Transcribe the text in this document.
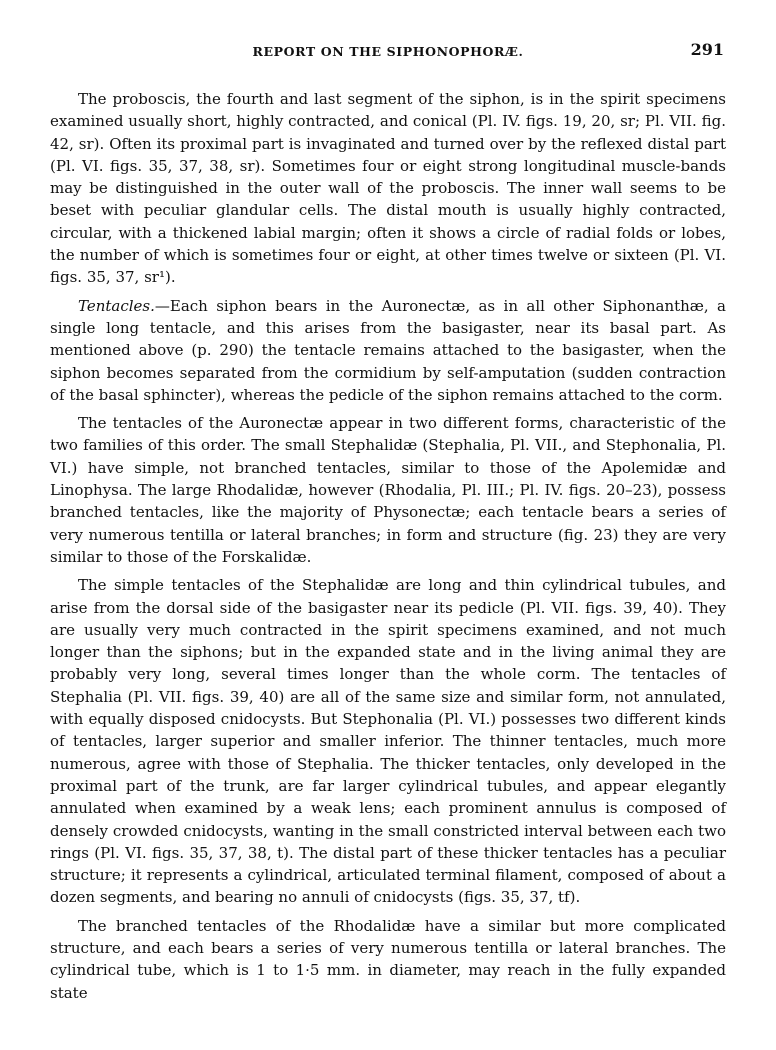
REPORT ON THE SIPHONOPHORÆ.	291

The proboscis, the fourth and last segment of the siphon, is in the spirit specimens examined usually short, highly contracted, and conical (Pl. IV. figs. 19, 20, sr; Pl. VII. fig. 42, sr). Often its proximal part is invaginated and turned over by the reflexed distal part (Pl. VI. figs. 35, 37, 38, sr). Sometimes four or eight strong longitudinal muscle-bands may be distinguished in the outer wall of the proboscis. The inner wall seems to be beset with peculiar glandular cells. The distal mouth is usually highly contracted, circular, with a thickened labial margin; often it shows a circle of radial folds or lobes, the number of which is sometimes four or eight, at other times twelve or sixteen (Pl. VI. figs. 35, 37, sr¹).

Tentacles.—Each siphon bears in the Auronectæ, as in all other Siphonanthæ, a single long tentacle, and this arises from the basigaster, near its basal part. As mentioned above (p. 290) the tentacle remains attached to the basigaster, when the siphon becomes separated from the cormidium by self-amputation (sudden contraction of the basal sphincter), whereas the pedicle of the siphon remains attached to the corm.

The tentacles of the Auronectæ appear in two different forms, characteristic of the two families of this order. The small Stephalidæ (Stephalia, Pl. VII., and Stephonalia, Pl. VI.) have simple, not branched tentacles, similar to those of the Apolemidæ and Linophysa. The large Rhodalidæ, however (Rhodalia, Pl. III.; Pl. IV. figs. 20–23), possess branched tentacles, like the majority of Physonectæ; each tentacle bears a series of very numerous tentilla or lateral branches; in form and structure (fig. 23) they are very similar to those of the Forskalidæ.

The simple tentacles of the Stephalidæ are long and thin cylindrical tubules, and arise from the dorsal side of the basigaster near its pedicle (Pl. VII. figs. 39, 40). They are usually very much contracted in the spirit specimens examined, and not much longer than the siphons; but in the expanded state and in the living animal they are probably very long, several times longer than the whole corm. The tentacles of Stephalia (Pl. VII. figs. 39, 40) are all of the same size and similar form, not annulated, with equally disposed cnidocysts. But Stephonalia (Pl. VI.) possesses two different kinds of tentacles, larger superior and smaller inferior. The thinner tentacles, much more numerous, agree with those of Stephalia. The thicker tentacles, only developed in the proximal part of the trunk, are far larger cylindrical tubules, and appear elegantly annulated when examined by a weak lens; each prominent annulus is composed of densely crowded cnidocysts, wanting in the small constricted interval between each two rings (Pl. VI. figs. 35, 37, 38, t). The distal part of these thicker tentacles has a peculiar structure; it represents a cylindrical, articulated terminal filament, composed of about a dozen segments, and bearing no annuli of cnidocysts (figs. 35, 37, tf).

The branched tentacles of the Rhodalidæ have a similar but more complicated structure, and each bears a series of very numerous tentilla or lateral branches. The cylindrical tube, which is 1 to 1·5 mm. in diameter, may reach in the fully expanded state
